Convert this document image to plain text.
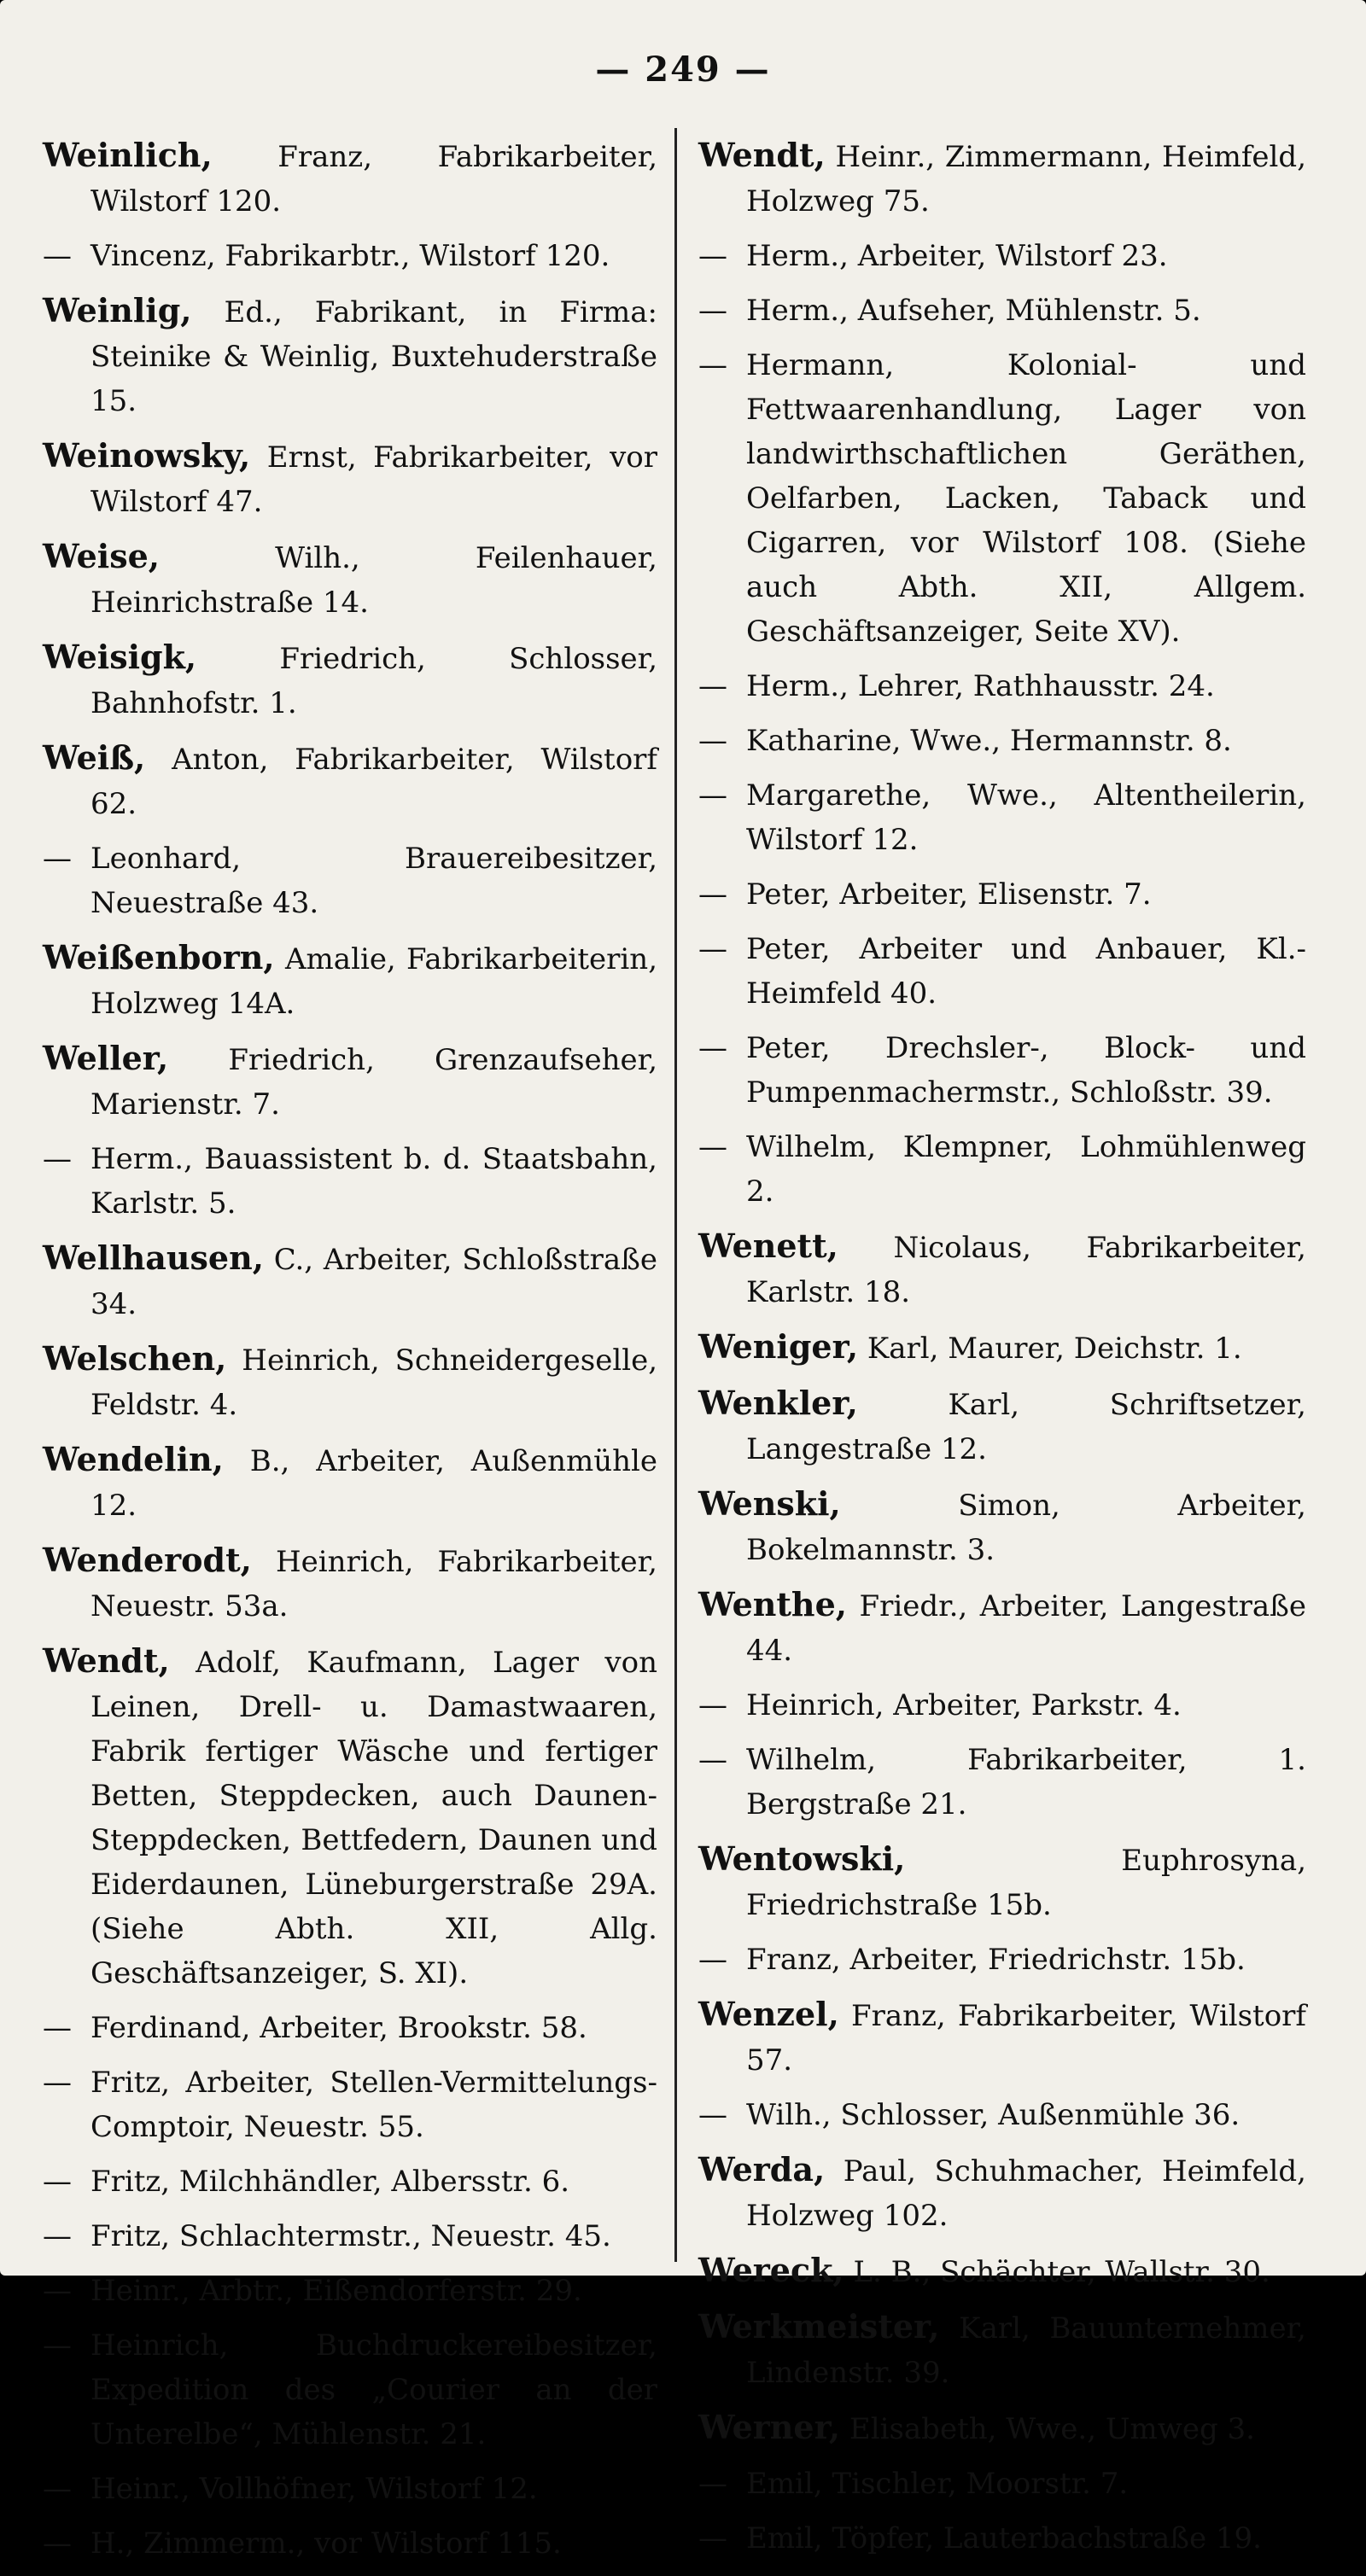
— 249 —

Weinlich, Franz, Fabrikarbeiter, Wilstorf 120.

— Vincenz, Fabrikarbtr., Wilstorf 120.

Weinlig, Ed., Fabrikant, in Firma: Steinike & Weinlig, Buxtehuderstraße 15.

Weinowsky, Ernst, Fabrikarbeiter, vor Wilstorf 47.

Weise,	Wilh., Feilenhauer, Heinrichstraße 14.

Weisigk,	Friedrich, Schlosser, Bahnhofstr. 1.

Weiß, Anton, Fabrikarbeiter, Wilstorf 62.

— Leonhard, Brauereibesitzer, Neuestraße 43.

Weißenborn, Amalie, Fabrikarbeiterin, Holzweg 14A.

Weller, Friedrich, Grenzaufseher, Marienstr. 7.

— Herm., Bauassistent b. d. Staatsbahn, Karlstr. 5.

Wellhausen, C., Arbeiter, Schloßstraße 34.

Welschen, Heinrich, Schneidergeselle, Feldstr. 4.

Wendelin, B., Arbeiter, Außenmühle 12.

Wenderodt, Heinrich, Fabrikarbeiter, Neuestr. 53a.

Wendt, Adolf, Kaufmann, Lager von Leinen, Drell- u. Damastwaaren, Fabrik fertiger Wäsche und fertiger Betten, Steppdecken, auch Daunen-Steppdecken, Bettfedern, Daunen und Eiderdaunen, Lüneburgerstraße 29A. (Siehe Abth. XII, Allg. Geschäftsanzeiger, S. XI).

— Ferdinand, Arbeiter, Brookstr. 58.

— Fritz, Arbeiter, Stellen-Vermittelungs-Comptoir, Neuestr. 55.

— Fritz, Milchhändler, Albersstr. 6.

— Fritz, Schlachtermstr., Neuestr. 45.

— Heinr., Arbtr., Eißendorferstr. 29.

— Heinrich, Buchdruckereibesitzer, Expedition des „Courier an der Unterelbe“, Mühlenstr. 21.

— Heinr., Vollhöfner, Wilstorf 12.

— H., Zimmerm., vor Wilstorf 115.

Wendt, Heinr., Zimmermann, Heimfeld, Holzweg 75.

— Herm., Arbeiter, Wilstorf 23.

— Herm., Aufseher, Mühlenstr. 5.

— Hermann, Kolonial- und Fettwaarenhandlung, Lager von landwirthschaftlichen Geräthen, Oelfarben, Lacken, Taback und Cigarren, vor Wilstorf 108. (Siehe auch Abth. XII, Allgem. Geschäftsanzeiger, Seite XV).

— Herm., Lehrer, Rathhausstr. 24.

— Katharine, Wwe., Hermannstr. 8.

— Margarethe, Wwe., Altentheilerin, Wilstorf 12.

— Peter, Arbeiter, Elisenstr. 7.

— Peter, Arbeiter und Anbauer, Kl.-Heimfeld 40.

— Peter, Drechsler-, Block- und Pumpenmachermstr., Schloßstr. 39.

— Wilhelm, Klempner, Lohmühlenweg 2.

Wenett, Nicolaus, Fabrikarbeiter, Karlstr. 18.

Weniger, Karl, Maurer, Deichstr. 1.

Wenkler,	Karl, Schriftsetzer, Langestraße 12.

Wenski,	Simon, Arbeiter, Bokelmannstr. 3.

Wenthe, Friedr., Arbeiter, Langestraße 44.

— Heinrich, Arbeiter, Parkstr. 4.

— Wilhelm, Fabrikarbeiter, 1. Bergstraße 21.

Wentowski,	Euphrosyna, Friedrichstraße 15b.

— Franz, Arbeiter, Friedrichstr. 15b.

Wenzel, Franz, Fabrikarbeiter, Wilstorf 57.

— Wilh., Schlosser, Außenmühle 36.

Werda, Paul, Schuhmacher, Heimfeld, Holzweg 102.

Wereck, L. B., Schächter, Wallstr. 30.

Werkmeister, Karl, Bauunternehmer, Lindenstr. 39.

Werner, Elisabeth, Wwe., Umweg 3.

— Emil, Tischler, Moorstr. 7.

— Emil, Töpfer, Lauterbachstraße 19.
